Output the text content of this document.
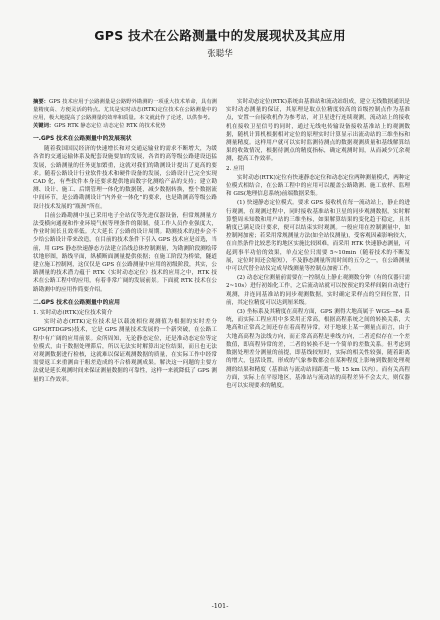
GPS 技术在公路测量中的发展现状及其应用
张聪华
摘要：GPS 技术应用于公路测量是公路野外勘测的一项重大技术革命，具有测量精度高、方便灵活的特点。尤其是实时动态(RTK)定位技术在公路测量中的应用，极大地提高了公路测量的效率和质量。本文就此作了论述，以供参考。
关键词：GPS RTK 静态定位 动态定位 RTK 的技术优势
一.GPS 技术在公路测量中的发展现状

随着我国国民经济的快速增长和对交通运输业的需求不断增大，为缓各省的交通运输体系及配套设施要加的发展，各省的高等级公路建设迅猛发展，公路测量的任务更加繁重，这就对我们的勘测设计提出了更高的要求。随着公路设计行业软件技术和硬件设备的发展，公路设计已完全实现 CAD 化，有些软件本身还要求提供地面数字化测绘产品的支持；建立勘测、设计、施工、后期管理一体化的数据链，减少数据转换，整个数据流中间环节，是公路勘测设计“内外业一体化”的要求，也是勘测高等级公路设计技术发展的“瓶颈”所在。

目前公路勘测中虽已采用电子全站仪等先进仪器设备，但常规测量方法受横向通视和作业环境气候等理条件的限制，使工作人员作业强度大，作业时间长且效率低。大大延长了公路的设计周期。勘测技术的进步会不少给公路设计带来改造，在目前的技术条件下引入 GPS 技术应是首选，当前，用 GPS 静态快速静态方法建立沿线总体控制测量，为勘测阶段测绘带状地形图，路线平面，纵横断面测量提供依据；在施工阶段为桥梁，隧道建立施工控制网，这仅仅是 GPS 在公路测量中应用的初级阶段，其实，公路测量的技术潜力蕴于 RTK（实时动态定位）技术的应用之中，RTK 技术在公路工程中的应用，有着非常广阔的发展前景。下面就 RTK 技术在公路勘测中的应用作简要介绍。

二.GPS 技术在公路测量中的应用
1. 实时动态(RTK)定位技术简介

实时动态(RTK)定位技术是以载波相位观测值为根据的实时差分 GPS(RTDGPS)技术，它是 GPS 测量技术发展的一个新突破，在公路工程中有广阔的应用前景。众所周知，无论静态定位，还是准动态定位等定位模式，由于数据处理滞后，所以无法实时解算出定位结果，而且也无法对观测数据进行检核，这就难以保证观测数据的质量，在实际工作中经常需要返工来重测由于粗差造成的不合格观测成果。解决这一问题的主要方法就是延长观测时间来保证测量数据的可靠性，这样一来就降低了 GPS 测量的工作效率。

实时动态定位(RTK)系统由基准站和流动站组成，建立无线数据通讯是实时动态测量的保证，其原理是取点位精度较高的首级控制点作为基准点，安置一台接收机作为参考站，对卫星进行连续观测，流动站上的接收机在接收卫星信号的同时，通过无线电传输设备接收基准站上的观测数据，随机计算机根据相对定位的原理实时计算显示出流动站的三维坐标和测量精度。这样用户就可以实时监测待测点的数据观测质量和基线解算结果的收敛情况，根据待测点的精度指标，确定观测时间，从而减少冗余观测，提高工作效率。

2. 应用

实时动态(RTK)定位有快速静态定位和动态定位两种测量模式，两种定位模式相结合，在公路工程中的应用可以覆盖公路勘测、施工放样、监理和 GIS(地理信息系统)前端数据采集。

(1) 快速静态定位模式。要求 GPS 接收机在每一流动站上，静止的进行观测，在观测过程中，同时接收基准站和卫星的同步观测数据，实时解算整周未知数和用户站的三维坐标，如果解算结果的变化趋于稳定，且其精度已满足设计要求，便可以结束实时观测。一般应用在控制测量中，如控制网加密；若采用常规测量方法(如全站仪测量)，受客观因素影响较大，在自然条件比较恶劣的地区实施比较困难，而采用 RTK 快速静态测量，可起到事半功倍的效果，单点定位只需要 5~10min（随着技术的不断发展，定位时间还会缩短），不及静态测量所需时间的五分之一，在公路测量中可以代替全站仪完成导线测量等控制点加密工作。

(2) 动态定位测量前需要在一控制点上静止观测数分钟（有的仪器只需 2~10s）进行初始化工作，之后流动站就可以按预定的采样间隔自动进行观测，并连同基准站的同步观测数据，实时确定采样点的空间位置，目前，其定位精度可以达到厘米级。

(3) 坐标系及其精度在高程方面，GPS 测得大地高属于 WGS—84 系统，而实际工程应用中多采用正常高，根据高程系统之间的转换关系，大地高和正常高之间还存在着高程异常。对于地球上某一测量点而言，由于大地高高程为法线方向，而正常高高程是垂线方向，二者近似存在一个差数值，即高程异常的差，二者的转换不是一个简单的差数关系。但考虑到数据处理差分测量的前提，即基线较短时，实际的相关性较强，随着距离的增大，包括设置，形成的气象参数都会在某种程度上影响到数据处理观测的结果和精度（基准站与流动站间距离一般 15 km 以内）。而有关高程方面，实际上在平原地区，基准站与流动站的高程差异不会太大，则仪器也可以实现要求的精度。

-101-
